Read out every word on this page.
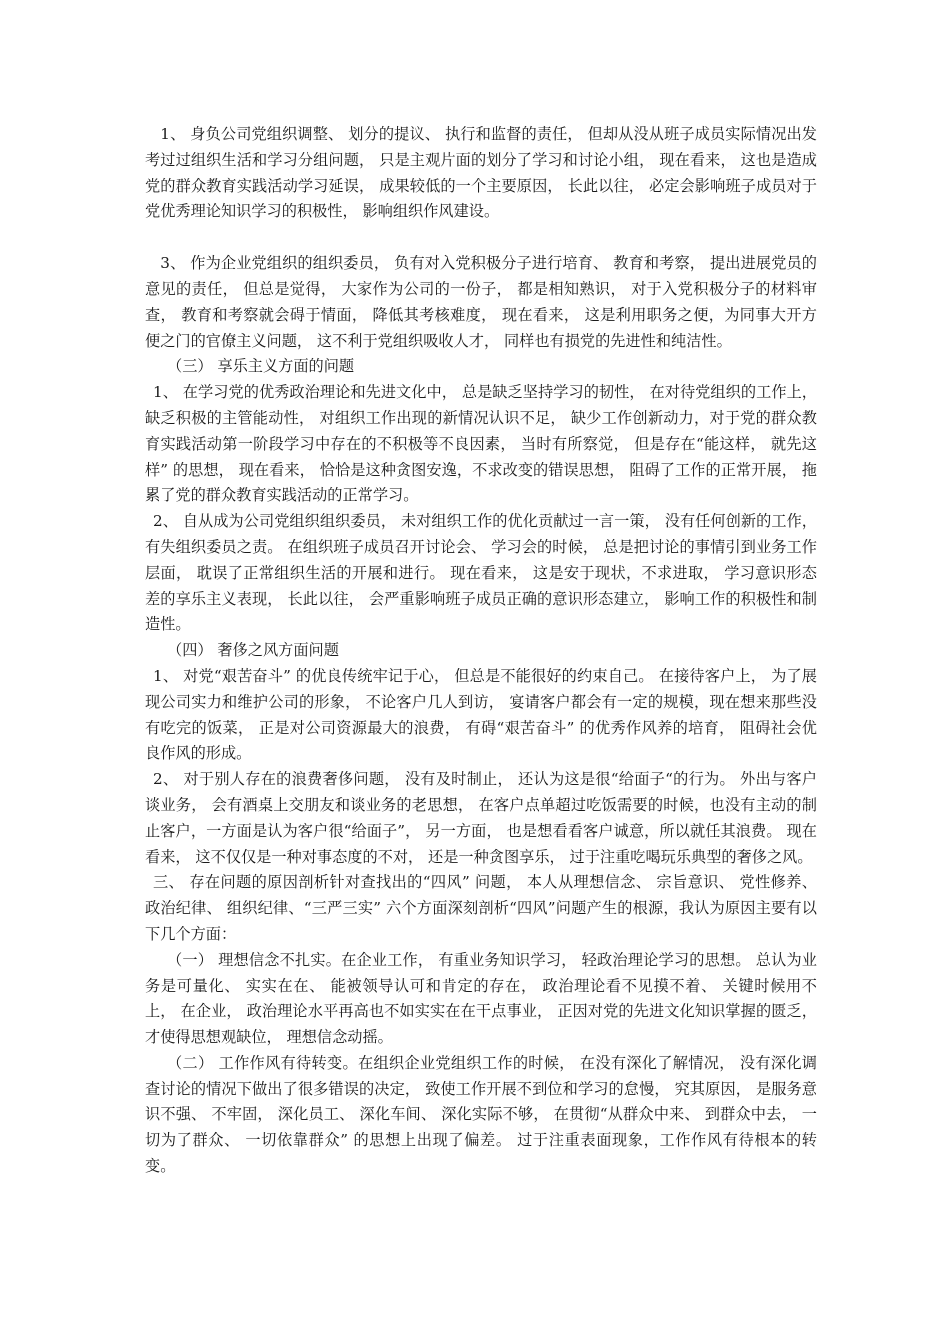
　1、 身负公司党组织调整、 划分的提议、 执行和监督的责任， 但却从没从班子成员实际情况出发考过过组织生活和学习分组问题， 只是主观片面的划分了学习和讨论小组， 现在看来， 这也是造成党的群众教育实践活动学习延误， 成果较低的一个主要原因， 长此以往， 必定会影响班子成员对于党优秀理论知识学习的积极性， 影响组织作风建设。

　3、 作为企业党组织的组织委员， 负有对入党积极分子进行培育、 教育和考察， 提出进展党员的意见的责任， 但总是觉得， 大家作为公司的一份子， 都是相知熟识， 对于入党积极分子的材料审查， 教育和考察就会碍于情面， 降低其考核难度， 现在看来， 这是利用职务之便，为同事大开方便之门的官僚主义问题， 这不利于党组织吸收人才， 同样也有损党的先进性和纯洁性。

（三） 享乐主义方面的问题

1、 在学习党的优秀政治理论和先进文化中， 总是缺乏坚持学习的韧性， 在对待党组织的工作上， 缺乏积极的主管能动性， 对组织工作出现的新情况认识不足， 缺少工作创新动力，对于党的群众教育实践活动第一阶段学习中存在的不积极等不良因素， 当时有所察觉， 但是存在“能这样， 就先这样” 的思想， 现在看来， 恰恰是这种贪图安逸，不求改变的错误思想， 阻碍了工作的正常开展， 拖累了党的群众教育实践活动的正常学习。

2、 自从成为公司党组织组织委员， 未对组织工作的优化贡献过一言一策， 没有任何创新的工作， 有失组织委员之责。 在组织班子成员召开讨论会、 学习会的时候， 总是把讨论的事情引到业务工作层面， 耽误了正常组织生活的开展和进行。 现在看来， 这是安于现状，不求进取， 学习意识形态差的享乐主义表现， 长此以往， 会严重影响班子成员正确的意识形态建立， 影响工作的积极性和制造性。

（四） 奢侈之风方面问题

1、 对党“艰苦奋斗” 的优良传统牢记于心， 但总是不能很好的约束自己。 在接待客户上， 为了展现公司实力和维护公司的形象， 不论客户几人到访， 宴请客户都会有一定的规模，现在想来那些没有吃完的饭菜， 正是对公司资源最大的浪费， 有碍“艰苦奋斗” 的优秀作风养的培育， 阻碍社会优良作风的形成。

2、 对于别人存在的浪费奢侈问题， 没有及时制止， 还认为这是很“给面子“的行为。 外出与客户谈业务， 会有酒桌上交朋友和谈业务的老思想， 在客户点单超过吃饭需要的时候，也没有主动的制止客户，一方面是认为客户很“给面子”， 另一方面， 也是想看看客户诚意，所以就任其浪费。 现在看来， 这不仅仅是一种对事态度的不对， 还是一种贪图享乐， 过于注重吃喝玩乐典型的奢侈之风。

三、 存在问题的原因剖析针对查找出的“四风” 问题， 本人从理想信念、 宗旨意识、 党性修养、 政治纪律、 组织纪律、“三严三实” 六个方面深刻剖析“四风”问题产生的根源，我认为原因主要有以下几个方面：

（一） 理想信念不扎实。在企业工作， 有重业务知识学习， 轻政治理论学习的思想。 总认为业务是可量化、 实实在在、 能被领导认可和肯定的存在， 政治理论看不见摸不着、 关键时候用不上， 在企业， 政治理论水平再高也不如实实在在干点事业， 正因对党的先进文化知识掌握的匮乏， 才使得思想观缺位， 理想信念动摇。

（二） 工作作风有待转变。在组织企业党组织工作的时候， 在没有深化了解情况， 没有深化调查讨论的情况下做出了很多错误的决定， 致使工作开展不到位和学习的怠慢， 究其原因， 是服务意识不强、 不牢固， 深化员工、 深化车间、 深化实际不够， 在贯彻“从群众中来、 到群众中去， 一切为了群众、 一切依靠群众” 的思想上出现了偏差。 过于注重表面现象，工作作风有待根本的转变。
